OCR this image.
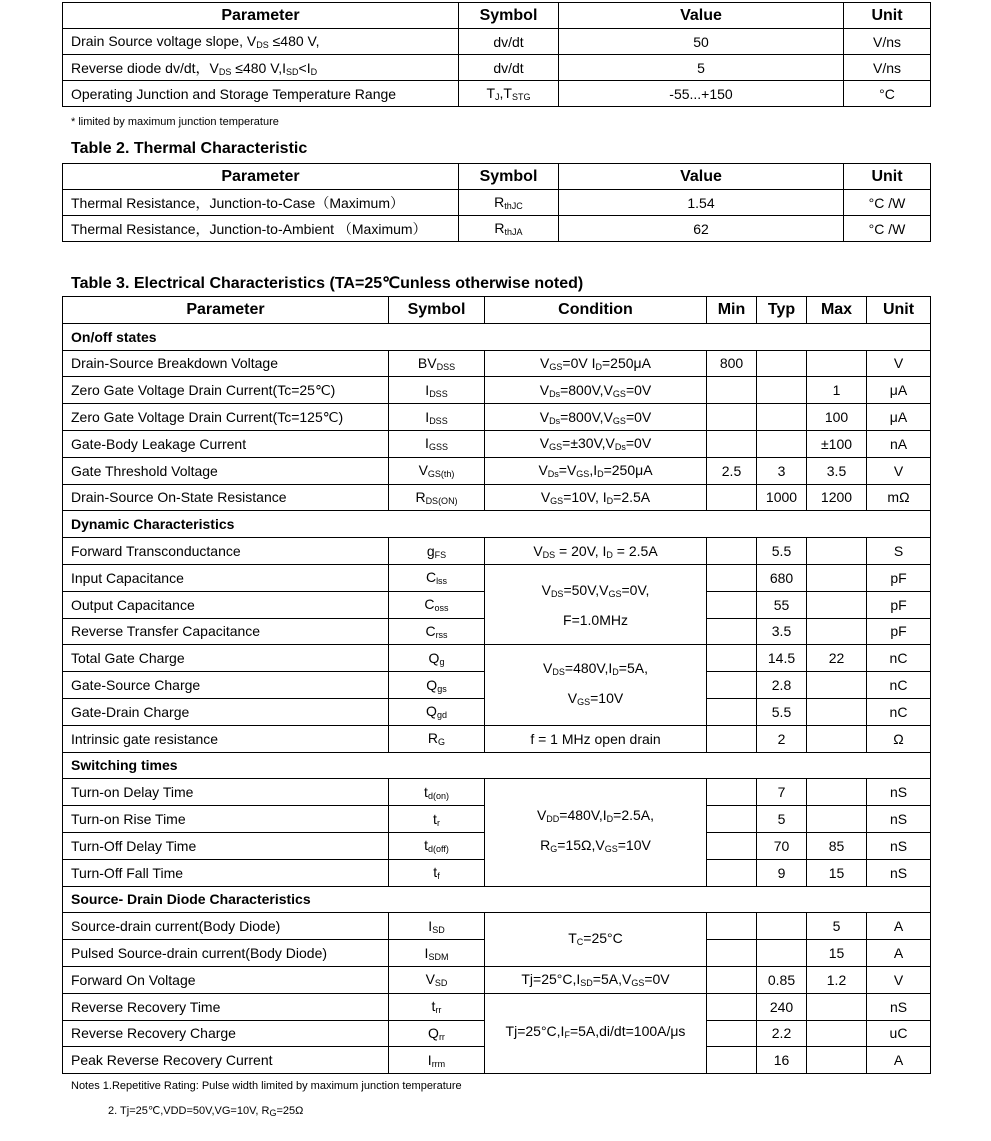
Parameter	Symbol	Value	Unit
Drain Source voltage slope, $V_{DS} \le 480$ V,	dv/dt	50	V/ns
Reverse diode dv/dt，$V_{DS} \le 480$ $V,I_{SD}<I_D$	dv/dt	5	V/ns
Operating Junction and Storage Temperature Range	$T_J,T_{STG}$	-55...+150	°C
* limited by maximum junction temperature
Table 2. Thermal Characteristic
Parameter	Symbol	Value	Unit
Thermal Resistance，Junction-to-Case（Maximum）	$R_{thJC}$	1.54	°C /W
Thermal Resistance，Junction-to-Ambient （Maximum）	$R_{thJA}$	62	°C /W
Table 3. Electrical Characteristics (TA=25℃unless otherwise noted)
Parameter	Symbol	Condition	Min	Typ	Max	Unit
On/off states						
Drain-Source Breakdown Voltage	$BV_{DSS}$	$V_{GS}=0V$ $I_D=250\mu A$	800			V
Zero Gate Voltage Drain Current(Tc=25℃)	$I_{DSS}$	$V_{Ds}=800V,V_{GS}=0V$			1	μA
Zero Gate Voltage Drain Current(Tc=125℃)	$I_{DSS}$	$V_{Ds}=800V,V_{GS}=0V$			100	μA
Gate-Body Leakage Current	$I_{GSS}$	$V_{GS}=\pm 30V,V_{Ds}=0V$			±100	nA
Gate Threshold Voltage	$V_{GS(th)}$	$V_{Ds}=V_{GS},I_D=250\mu A$	2.5	3	3.5	V
Drain-Source On-State Resistance	$R_{DS(ON)}$	$V_{GS}=10V$, $I_D=2.5A$		1000	1200	mΩ
Dynamic Characteristics						
Forward Transconductance	$g_{FS}$	$V_{DS} = 20V$, $I_D = 2.5A$		5.5		S
Input Capacitance	$C_{lss}$	$V_{DS}=50V,V_{GS}=0V$,
F=1.0MHz		680		pF
Output Capacitance	$C_{oss}$			55		pF
Reverse Transfer Capacitance	$C_{rss}$			3.5		pF
Total Gate Charge	$Q_g$	$V_{DS}=480V,I_D=5A$,
$V_{GS}=10V$		14.5	22	nC
Gate-Source Charge	$Q_{gs}$			2.8		nC
Gate-Drain Charge	$Q_{gd}$			5.5		nC
Intrinsic gate resistance	$R_G$	f = 1 MHz open drain		2		Ω
Switching times						
Turn-on Delay Time	$t_{d(on)}$	$V_{DD}=480V,I_D=2.5A$,
$R_G=15\Omega,V_{GS}=10V$		7		nS
Turn-on Rise Time	$t_r$			5		nS
Turn-Off Delay Time	$t_{d(off)}$			70	85	nS
Turn-Off Fall Time	$t_f$			9	15	nS
Source- Drain Diode Characteristics						
Source-drain current(Body Diode)	$I_{SD}$	$T_C=25^\circ C$			5	A
Pulsed Source-drain current(Body Diode)	$I_{SDM}$				15	A
Forward On Voltage	$V_{SD}$	$Tj=25^\circ C,I_{SD}=5A,V_{GS}=0V$		0.85	1.2	V
Reverse Recovery Time	$t_{rr}$	$Tj=25^\circ C,I_F=5A,di/dt=100A/\mu s$		240		nS
Reverse Recovery Charge	$Q_{rr}$			2.2		uC
Peak Reverse Recovery Current	$I_{rrm}$			16		A
Notes 1.Repetitive Rating: Pulse width limited by maximum junction temperature
2. Tj=25℃,VDD=50V,VG=10V, $R_G=25\Omega$
